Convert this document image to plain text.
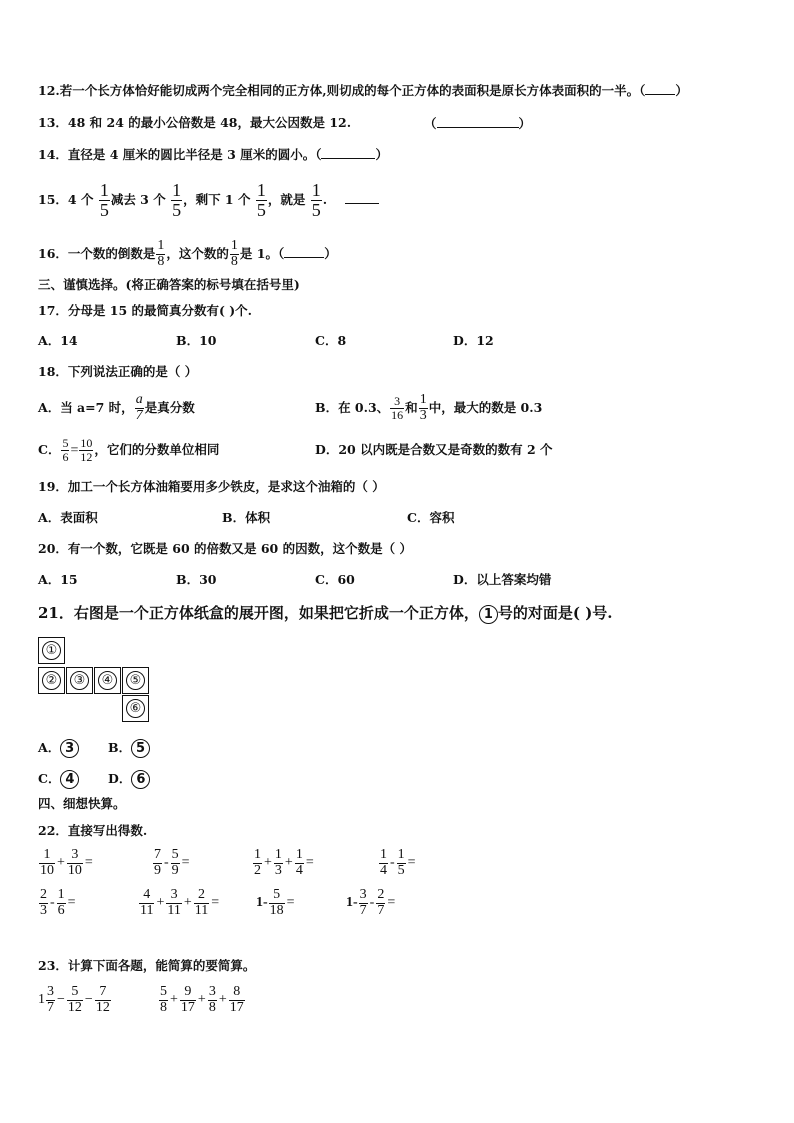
12.若一个长方体恰好能切成两个完全相同的正方体,则切成的每个正方体的表面积是原长方体表面积的一半。（ ）
13．48 和 24 的最小公倍数是 48，最大公因数是 12.	（	）
14．直径是 4 厘米的圆比半径是 3 厘米的圆小。（	）
15．4 个 $\frac{1}{5}$ 减去 3 个 $\frac{1}{5}$ ，剩下 1 个 $\frac{1}{5}$ ，就是 $\frac{1}{5}$ .
16．一个数的倒数是 $\frac{1}{8}$ ，这个数的 $\frac{1}{8}$ 是 1。（	）
三、谨慎选择。(将正确答案的标号填在括号里)
17．分母是 15 的最简真分数有( )个.
A．14	B．10	C．8	D．12
18．下列说法正确的是（ ）
A．当 a=7 时， $\frac{a}{7}$ 是真分数	B．在 0.3、 $\frac{3}{16}$ 和 $\frac{1}{3}$ 中，最大的数是 0.3
C． $\frac{5}{6} = \frac{10}{12}$ ，它们的分数单位相同	D．20 以内既是合数又是奇数的数有 2 个
19．加工一个长方体油箱要用多少铁皮，是求这个油箱的（ ）
A．表面积	B．体积	C．容积
20．有一个数，它既是 60 的倍数又是 60 的因数，这个数是（ ）
A．15	B．30	C．60	D．以上答案均错
21．右图是一个正方体纸盒的展开图，如果把它折成一个正方体， 1 号的对面是( )号.
①
② ③ ④ ⑤
⑥
A． 3	B． 5
C． 4	D． 6
四、细想快算。
22．直接写出得数.
$\frac{1}{10} + \frac{3}{10}$ =	$\frac{7}{9} - \frac{5}{9}$ =	$\frac{1}{2} + \frac{1}{3} + \frac{1}{4}$ =	$\frac{1}{4} - \frac{1}{5}$ =
$\frac{2}{3} - \frac{1}{6}$ =	$\frac{4}{11} + \frac{3}{11} + \frac{2}{11}$ =	$1- \frac{5}{18}$ =	$1- \frac{3}{7} - \frac{2}{7}$ =
23．计算下面各题，能简算的要简算。
$1 \frac{3}{7} - \frac{5}{12} - \frac{7}{12}$	$\frac{5}{8} + \frac{9}{17} + \frac{3}{8} + \frac{8}{17}$
